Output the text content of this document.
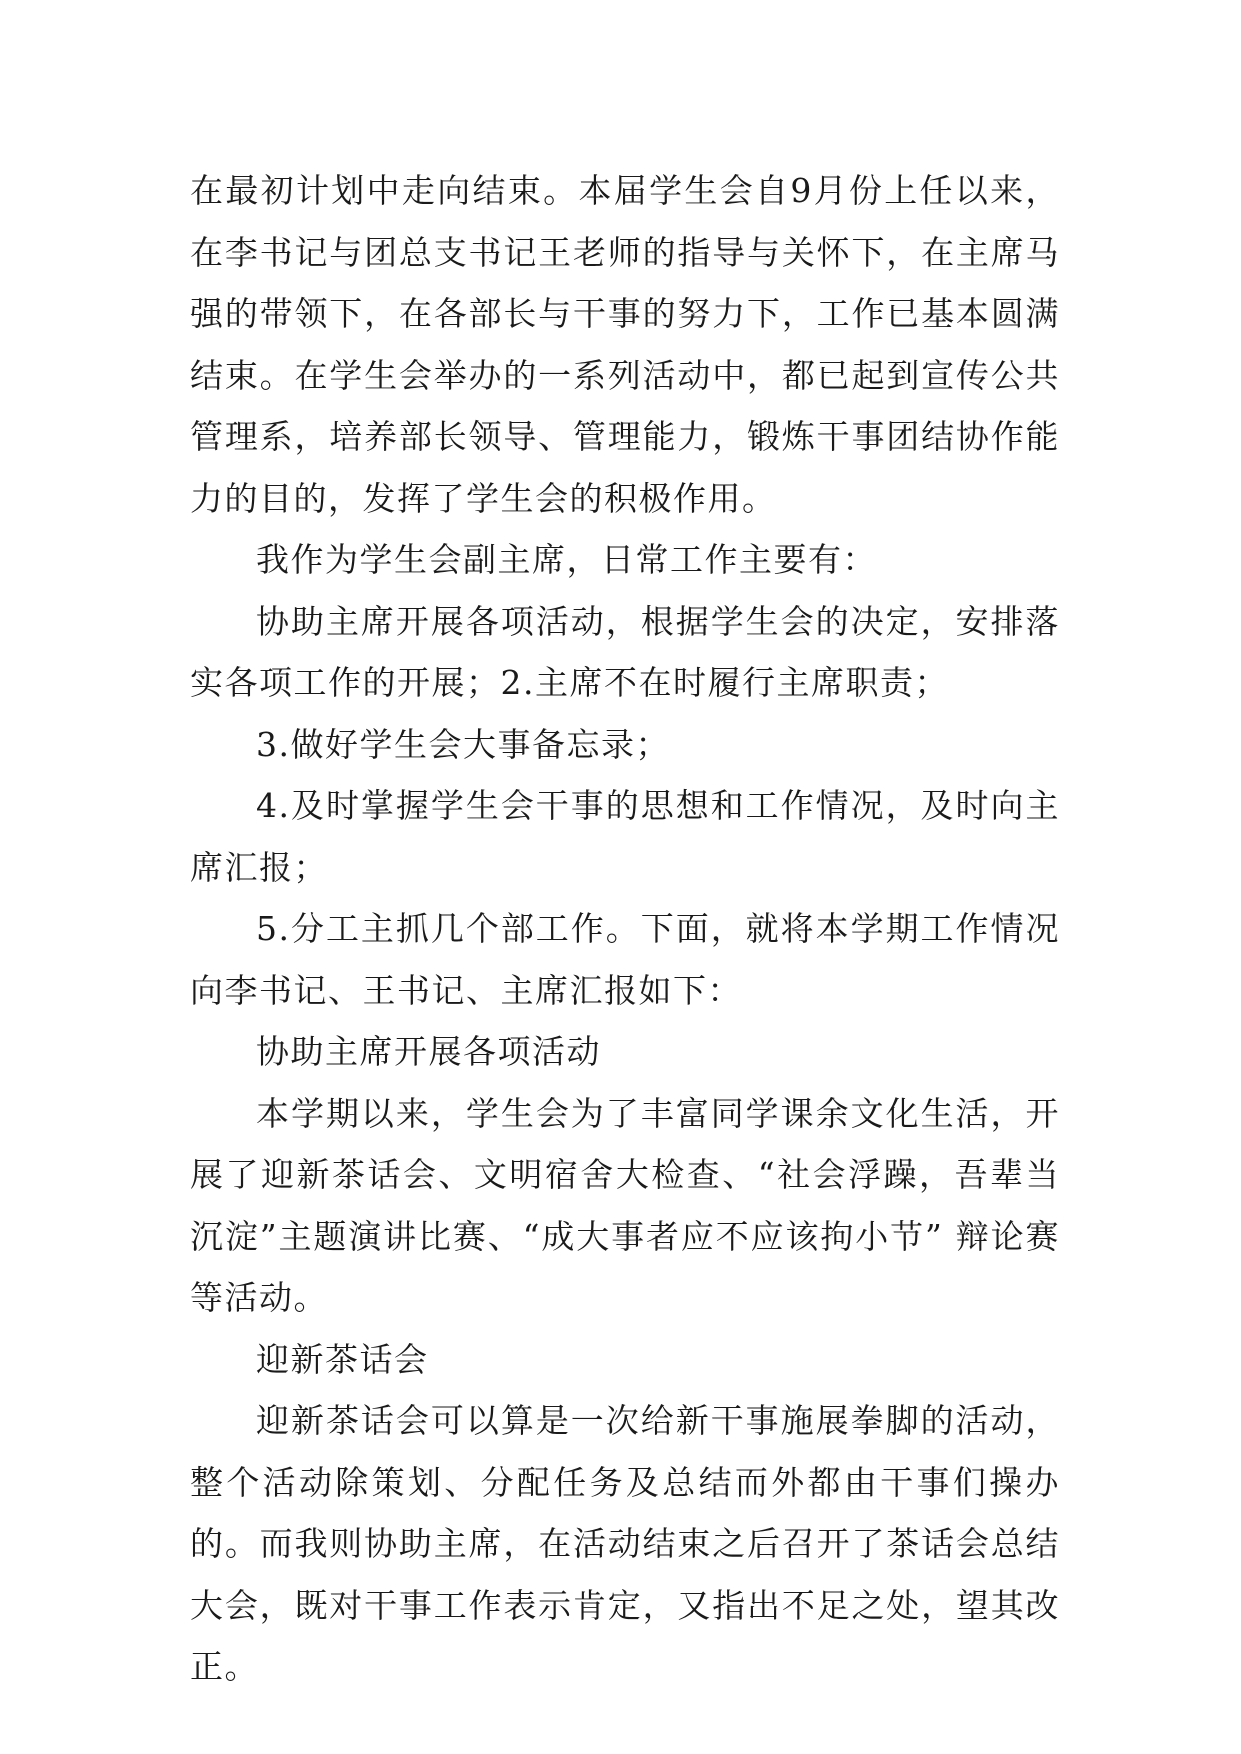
在最初计划中走向结束。本届学生会自9月份上任以来，在李书记与团总支书记王老师的指导与关怀下，在主席马强的带领下，在各部长与干事的努力下，工作已基本圆满结束。在学生会举办的一系列活动中，都已起到宣传公共管理系，培养部长领导、管理能力，锻炼干事团结协作能力的目的，发挥了学生会的积极作用。

我作为学生会副主席，日常工作主要有：

协助主席开展各项活动，根据学生会的决定，安排落实各项工作的开展；2.主席不在时履行主席职责；

3.做好学生会大事备忘录；

4.及时掌握学生会干事的思想和工作情况，及时向主席汇报；

5.分工主抓几个部工作。下面，就将本学期工作情况向李书记、王书记、主席汇报如下：

协助主席开展各项活动

本学期以来，学生会为了丰富同学课余文化生活，开展了迎新茶话会、文明宿舍大检查、“社会浮躁，吾辈当沉淀”主题演讲比赛、“成大事者应不应该拘小节” 辩论赛等活动。

迎新茶话会

迎新茶话会可以算是一次给新干事施展拳脚的活动，整个活动除策划、分配任务及总结而外都由干事们操办的。而我则协助主席，在活动结束之后召开了茶话会总结大会，既对干事工作表示肯定，又指出不足之处，望其改正。
